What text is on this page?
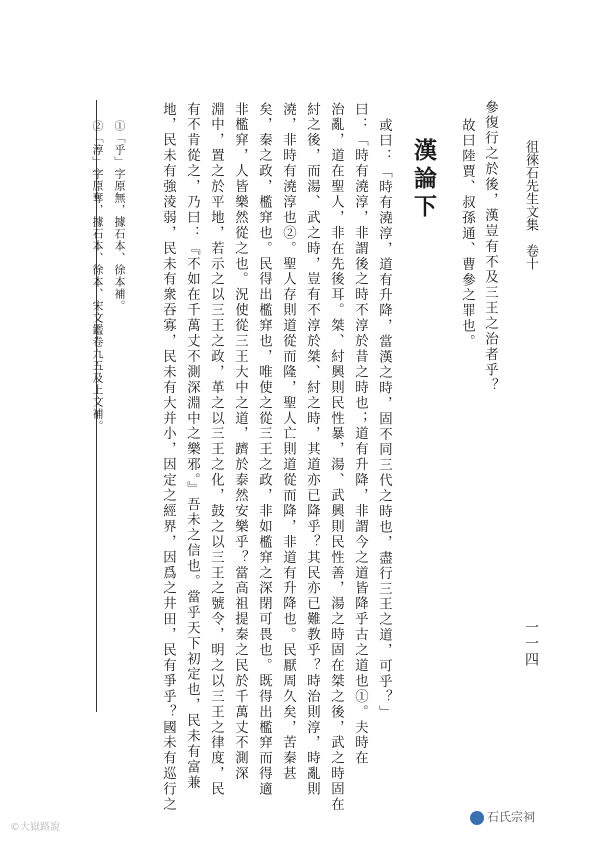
徂徠石先生文集　卷十
一一四
參復行之於後，漢豈有不及三王之治者乎？
故曰陸賈、叔孫通、曹參之罪也。
漢論下
或曰：「時有澆淳，道有升降，當漢之時，固不同三代之時也，盡行三王之道，可乎？」
曰：「時有澆淳，非謂後之時不淳於昔之時也；道有升降，非謂今之道皆降乎古之道也①。夫時在
治亂，道在聖人，非在先後耳。桀、紂興則民性暴，湯、武興則民性善，湯之時固在桀之後，武之時固在
紂之後，而湯、武之時，豈有不淳於桀、紂之時，其道亦已降乎？其民亦已難教乎？時治則淳，時亂則
澆，非時有澆淳也②。聖人存則道從而隆，聖人亡則道從而降，非道有升降也。民厭周久矣，苦秦甚
矣，秦之政，檻穽也。民得出檻穽也，唯使之從三王之政，非如檻穽之深閉可畏也。既得出檻穽而得適
非檻穽，人皆樂然從之也。況使從三王大中之道，躋於泰然安樂乎？當高祖提秦之民於千萬丈不測深
淵中，置之於平地，若示之以三王之政，革之以三王之化，鼓之以三王之號令，明之以三王之律度，民
有不肯從之，乃曰：『不如在千萬丈不測深淵中之樂邪。』吾未之信也。當乎天下初定也，民未有富兼
地，民未有強淩弱，民未有衆吞寡，民未有大并小，因定之經界，因爲之井田，民有爭乎？國未有巡行之
①「乎」字原無，據石本、徐本補。
②「淳」字原奪，據石本、徐本、宋文鑑卷九五及上文補。
石氏宗祠
©大嶽路說
